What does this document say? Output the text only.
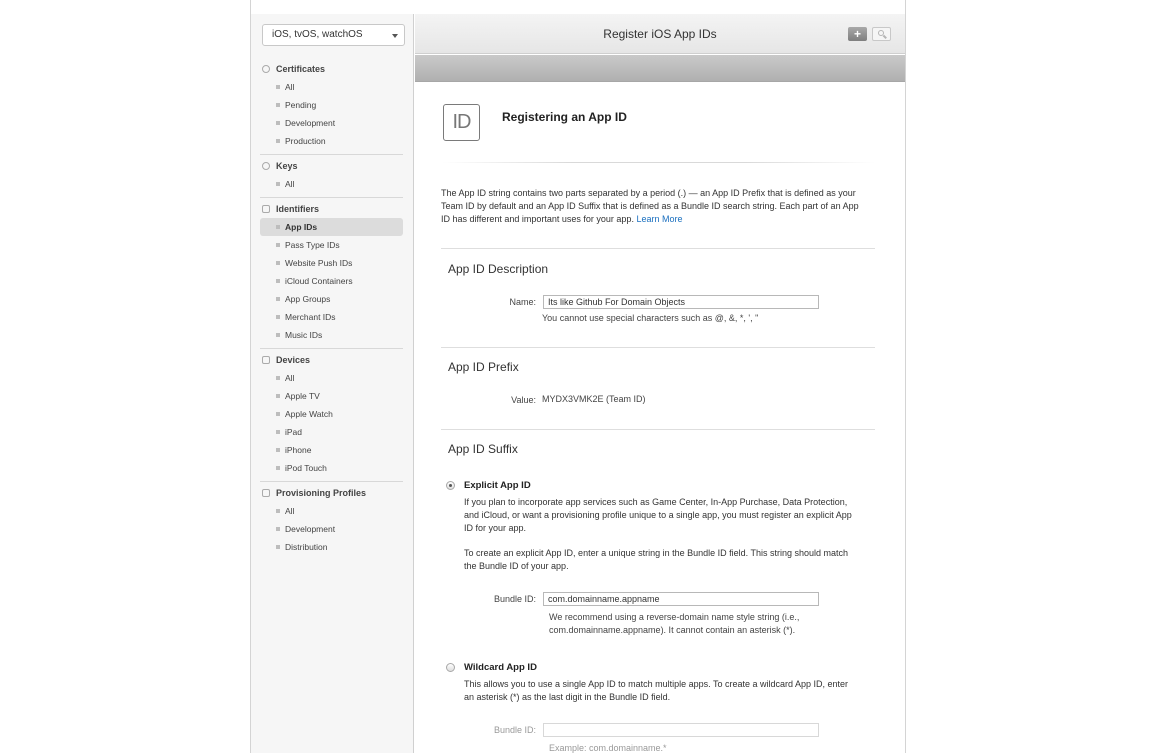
iOS, tvOS, watchOS
Certificates
All
Pending
Development
Production
Keys
All
Identifiers
App IDs
Pass Type IDs
Website Push IDs
iCloud Containers
App Groups
Merchant IDs
Music IDs
Devices
All
Apple TV
Apple Watch
iPad
iPhone
iPod Touch
Provisioning Profiles
All
Development
Distribution
Register iOS App IDs	+
ID	Registering an App ID
The App ID string contains two parts separated by a period (.) — an App ID Prefix that is defined as your Team ID by default and an App ID Suffix that is defined as a Bundle ID search string. Each part of an App ID has different and important uses for your app. Learn More
App ID Description
Name:
Its like Github For Domain Objects
You cannot use special characters such as @, &, *, ', "
App ID Prefix
Value: MYDX3VMK2E (Team ID)
App ID Suffix
Explicit App ID
If you plan to incorporate app services such as Game Center, In-App Purchase, Data Protection, and iCloud, or want a provisioning profile unique to a single app, you must register an explicit App ID for your app.
To create an explicit App ID, enter a unique string in the Bundle ID field. This string should match the Bundle ID of your app.
Bundle ID:
com.domainname.appname
We recommend using a reverse-domain name style string (i.e., com.domainname.appname). It cannot contain an asterisk (*).
Wildcard App ID
This allows you to use a single App ID to match multiple apps. To create a wildcard App ID, enter an asterisk (*) as the last digit in the Bundle ID field.
Bundle ID:
Example: com.domainname.*
